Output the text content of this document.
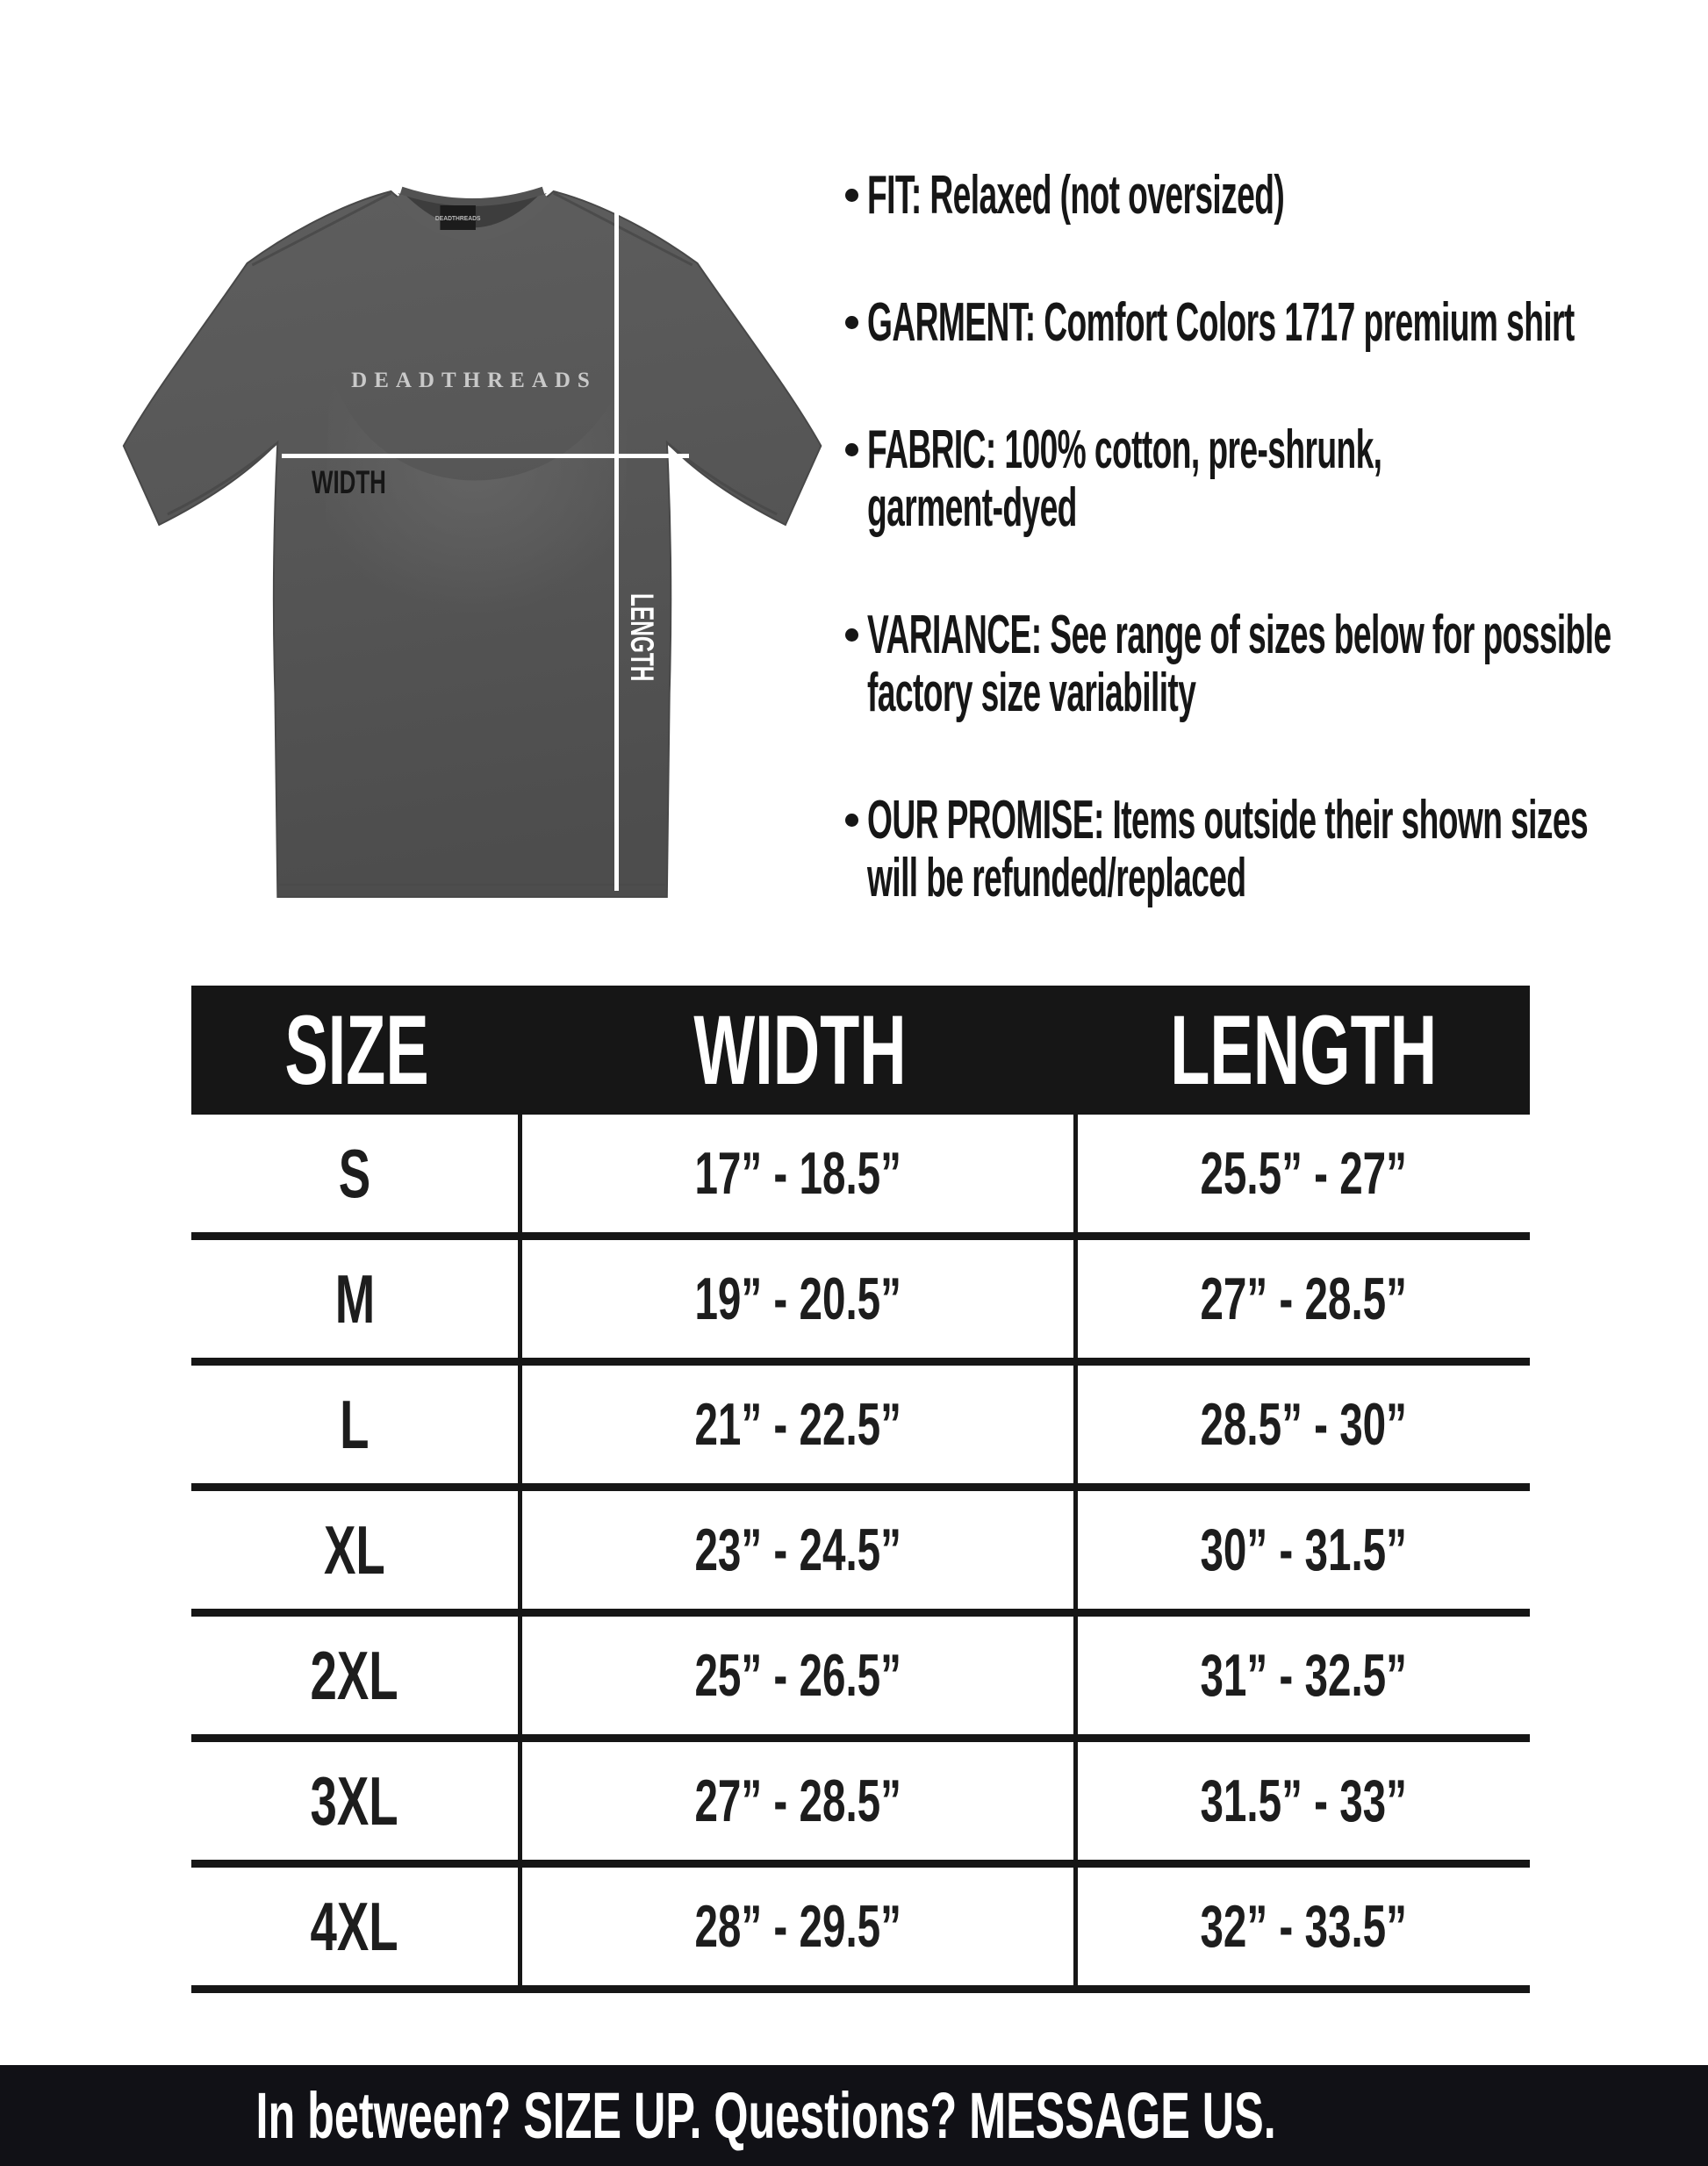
DEADTHREADS
DEADTHREADS
WIDTH
LENGTH
FIT: Relaxed (not oversized)
GARMENT: Comfort Colors 1717 premium shirt
FABRIC: 100% cotton, pre-shrunk,
garment-dyed
VARIANCE: See range of sizes below for possible
factory size variability
OUR PROMISE: Items outside their shown sizes
will be refunded/replaced
SIZE	WIDTH	LENGTH
S	17” - 18.5”	25.5” - 27”
M	19” - 20.5”	27” - 28.5”
L	21” - 22.5”	28.5” - 30”
XL	23” - 24.5”	30” - 31.5”
2XL	25” - 26.5”	31” - 32.5”
3XL	27” - 28.5”	31.5” - 33”
4XL	28” - 29.5”	32” - 33.5”
In between? SIZE UP. Questions? MESSAGE US.
